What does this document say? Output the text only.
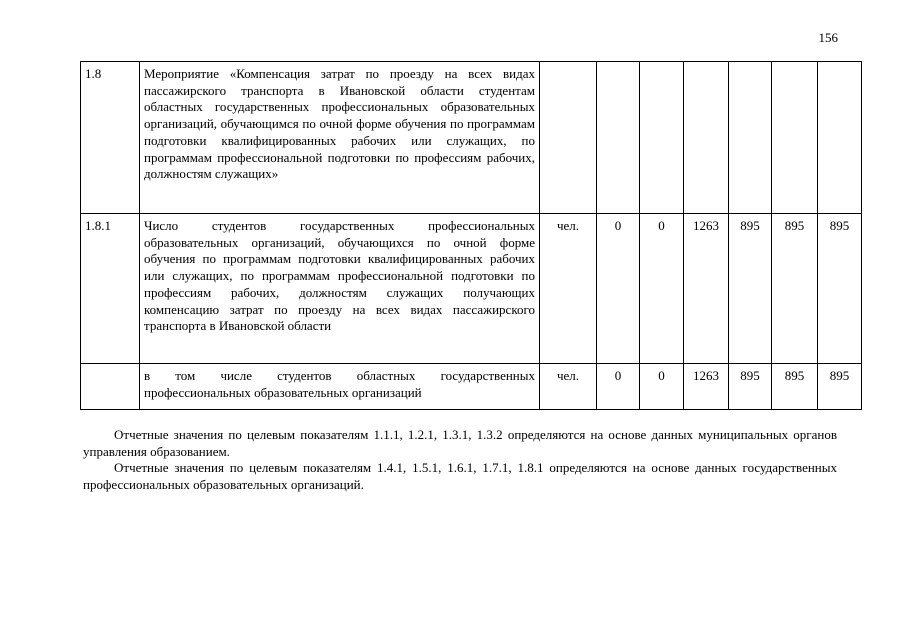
156
1.8	Мероприятие «Компенсация затрат по проезду на всех видах пассажирского транспорта в Ивановской области студентам областных государственных профессиональных образовательных организаций, обучающимся по очной форме обучения по программам подготовки квалифицированных рабочих или служащих, по программам профессиональной подготовки по профессиям рабочих, должностям служащих»							
1.8.1	Число студентов государственных профессиональных образовательных организаций, обучающихся по очной форме обучения по программам подготовки квалифицированных рабочих или служащих, по программам профессиональной подготовки по профессиям рабочих, должностям служащих получающих компенсацию затрат по проезду на всех видах пассажирского транспорта в Ивановской области	чел.	0	0	1263	895	895	895
	в том числе студентов областных государственных профессиональных образовательных организаций	чел.	0	0	1263	895	895	895

Отчетные значения по целевым показателям 1.1.1, 1.2.1, 1.3.1, 1.3.2 определяются на основе данных муниципальных органов управления образованием.

Отчетные значения по целевым показателям 1.4.1, 1.5.1, 1.6.1, 1.7.1, 1.8.1 определяются на основе данных государственных профессиональных образовательных организаций.
